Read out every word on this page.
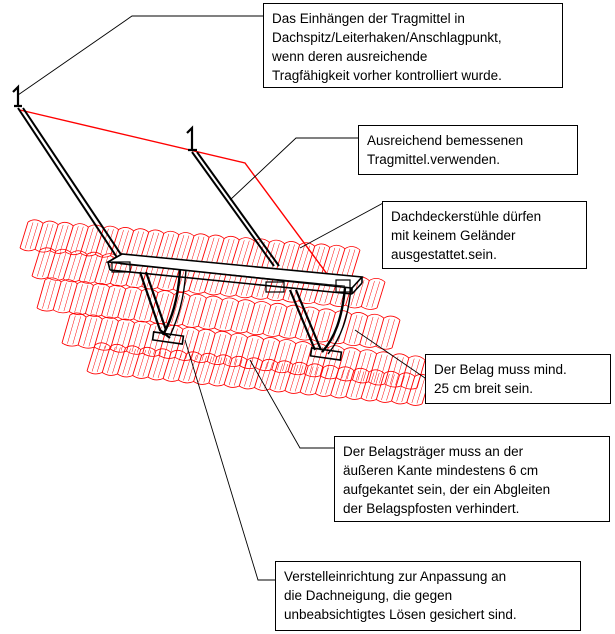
Das Einhängen der Tragmittel in
Dachspitz/Leiterhaken/Anschlagpunkt,
wenn deren ausreichende
Tragfähigkeit vorher kontrolliert wurde.
Ausreichend bemessenen
Tragmittel.verwenden.
Dachdeckerstühle dürfen
mit keinem Geländer
ausgestattet.sein.
Der Belag muss mind.
25 cm breit sein.
Der Belagsträger muss an der
äußeren Kante mindestens 6 cm
aufgekantet sein, der ein Abgleiten
der Belagspfosten verhindert.
Verstelleinrichtung zur Anpassung an
die Dachneigung, die gegen
unbeabsichtigtes Lösen gesichert sind.
